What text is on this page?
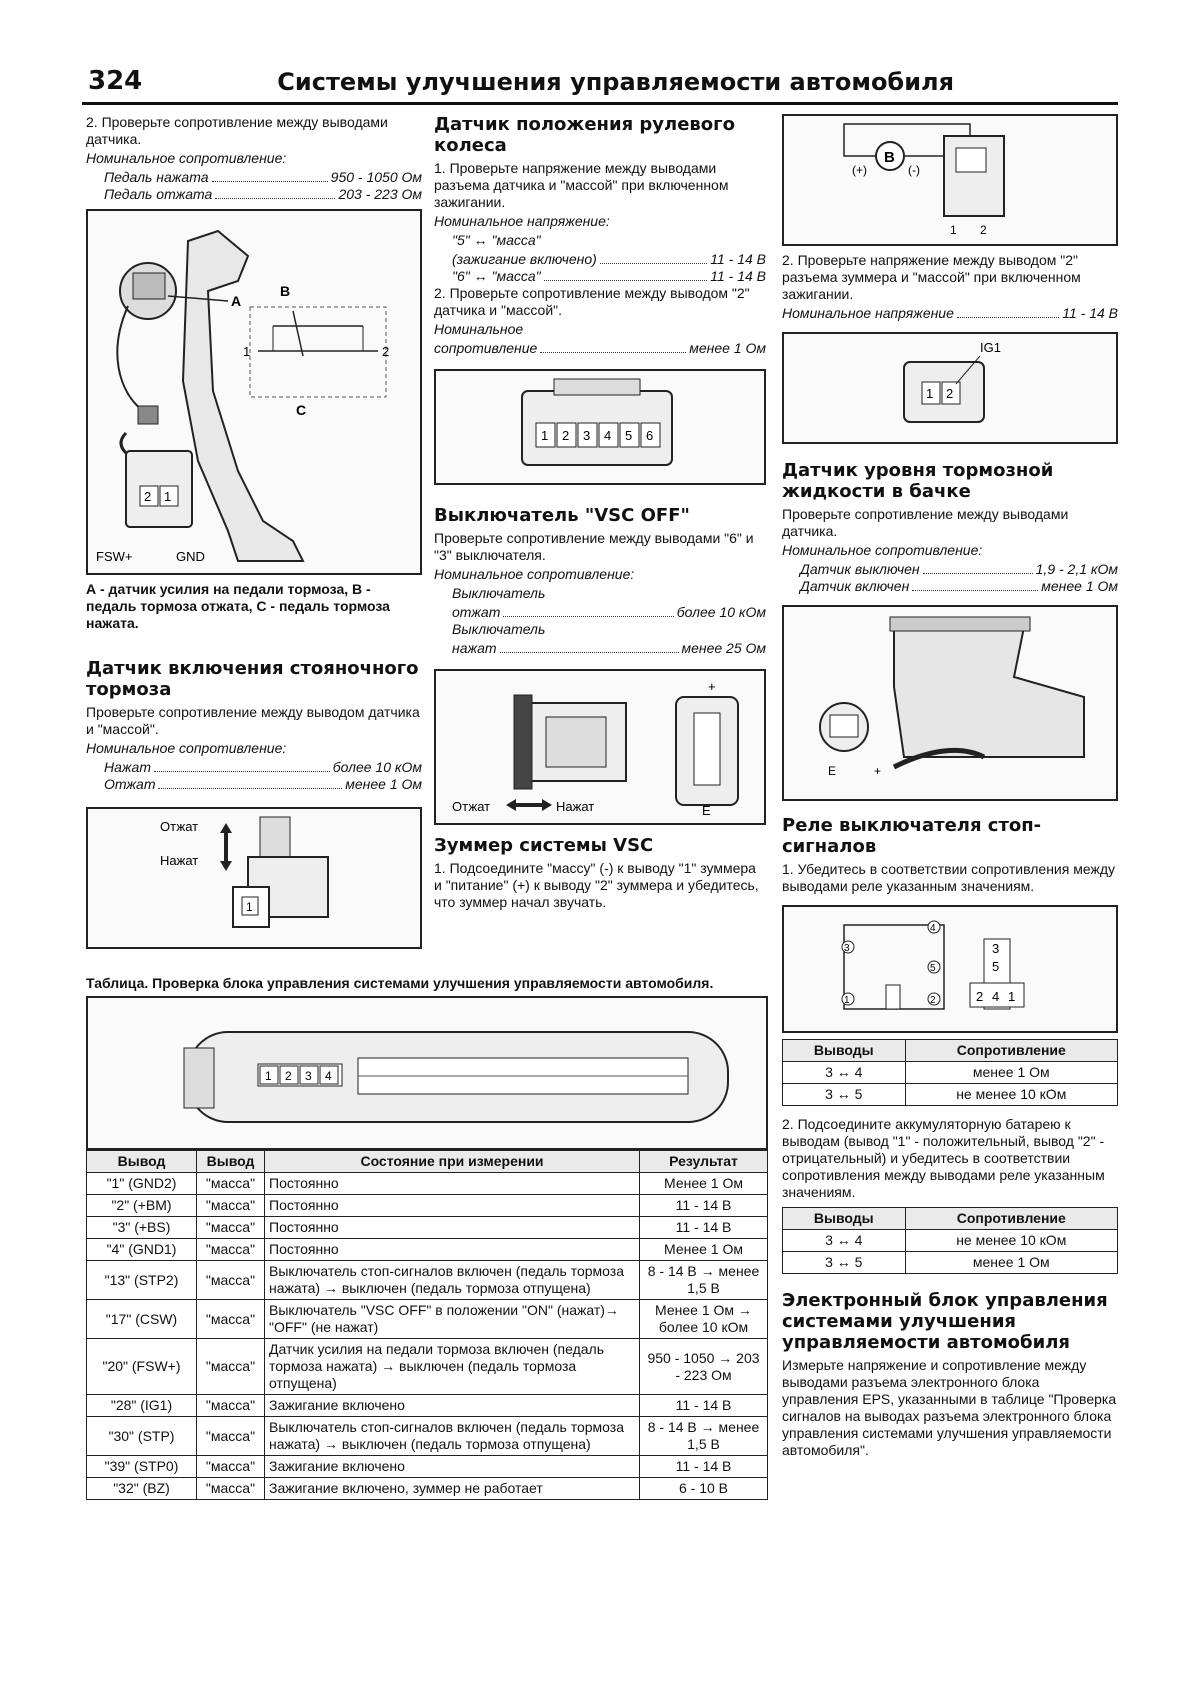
324	Системы улучшения управляемости автомобиля

2. Проверьте сопротивление между выводами датчика.

Номинальное сопротивление:

Педаль нажата	950 - 1050 Ом
Педаль отжата	203 - 223 Ом
A
B
1	2
C
2 1
FSW+	GND

А - датчик усилия на педали тормоза, В - педаль тормоза отжата, С - педаль тормоза нажата.

Датчик включения стояночного тормоза

Проверьте сопротивление между выводом датчика и "массой".

Номинальное сопротивление:

Нажат	более 10 кОм
Отжат	менее 1 Ом
Отжат
Нажат
1
Датчик положения рулевого колеса

1. Проверьте напряжение между выводами разъема датчика и "массой" при включенном зажигании.

Номинальное напряжение:

"5" ↔ "масса"

(зажигание включено)	11 - 14 В
"6" ↔ "масса"	11 - 14 В

2. Проверьте сопротивление между выводом "2" датчика и "массой".

Номинальное

сопротивление	менее 1 Ом
1 2 3 4 5 6
Выключатель "VSC OFF"

Проверьте сопротивление между выводами "6" и "3" выключателя.

Номинальное сопротивление:

Выключатель

отжат	более 10 кОм

Выключатель

нажат	менее 25 Ом
+
E
Отжат	Нажат
Зуммер системы VSC

1. Подсоедините "массу" (-) к выводу "1" зуммера и "питание" (+) к выводу "2" зуммера и убедитесь, что зуммер начал звучать.

B
(+)	(-)
1 2

2. Проверьте напряжение между выводом "2" разъема зуммера и "массой" при включенном зажигании.

Номинальное напряжение	11 - 14 В
1 2
IG1
Датчик уровня тормозной жидкости в бачке

Проверьте сопротивление между выводами датчика.

Номинальное сопротивление:

Датчик выключен	1,9 - 2,1 кОм
Датчик включен	менее 1 Ом
E	+
Реле выключателя стоп-сигналов

1. Убедитесь в соответствии сопротивления между выводами реле указанным значениям.

4
5
2
3
1
3
5
2 4 1
Выводы	Сопротивление
3 ↔ 4	менее 1 Ом
3 ↔ 5	не менее 10 кОм

2. Подсоедините аккумуляторную батарею к выводам (вывод "1" - положительный, вывод "2" - отрицательный) и убедитесь в соответствии сопротивления между выводами реле указанным значениям.

Выводы	Сопротивление
3 ↔ 4	не менее 10 кОм
3 ↔ 5	менее 1 Ом
Электронный блок управления системами улучшения управляемости автомобиля

Измерьте напряжение и сопротивление между выводами разъема электронного блока управления EPS, указанными в таблице "Проверка сигналов на выводах разъема электронного блока управления системами улучшения управляемости автомобиля".

Таблица. Проверка блока управления системами улучшения управляемости автомобиля.

1 2 3 4
Вывод	Вывод	Состояние при измерении	Результат
"1" (GND2)	"масса"	Постоянно	Менее 1 Ом
"2" (+BM)	"масса"	Постоянно	11 - 14 В
"3" (+BS)	"масса"	Постоянно	11 - 14 В
"4" (GND1)	"масса"	Постоянно	Менее 1 Ом
"13" (STP2)	"масса"	Выключатель стоп-сигналов включен (педаль тормоза нажата) → выключен (педаль тормоза отпущена)	8 - 14 В → менее 1,5 В
"17" (CSW)	"масса"	Выключатель "VSC OFF" в положении "ON" (нажат)→ "OFF" (не нажат)	Менее 1 Ом → более 10 кОм
"20" (FSW+)	"масса"	Датчик усилия на педали тормоза включен (педаль тормоза нажата) → выключен (педаль тормоза отпущена)	950 - 1050 → 203 - 223 Ом
"28" (IG1)	"масса"	Зажигание включено	11 - 14 В
"30" (STP)	"масса"	Выключатель стоп-сигналов включен (педаль тормоза нажата) → выключен (педаль тормоза отпущена)	8 - 14 В → менее 1,5 В
"39" (STP0)	"масса"	Зажигание включено	11 - 14 В
"32" (BZ)	"масса"	Зажигание включено, зуммер не работает	6 - 10 В
